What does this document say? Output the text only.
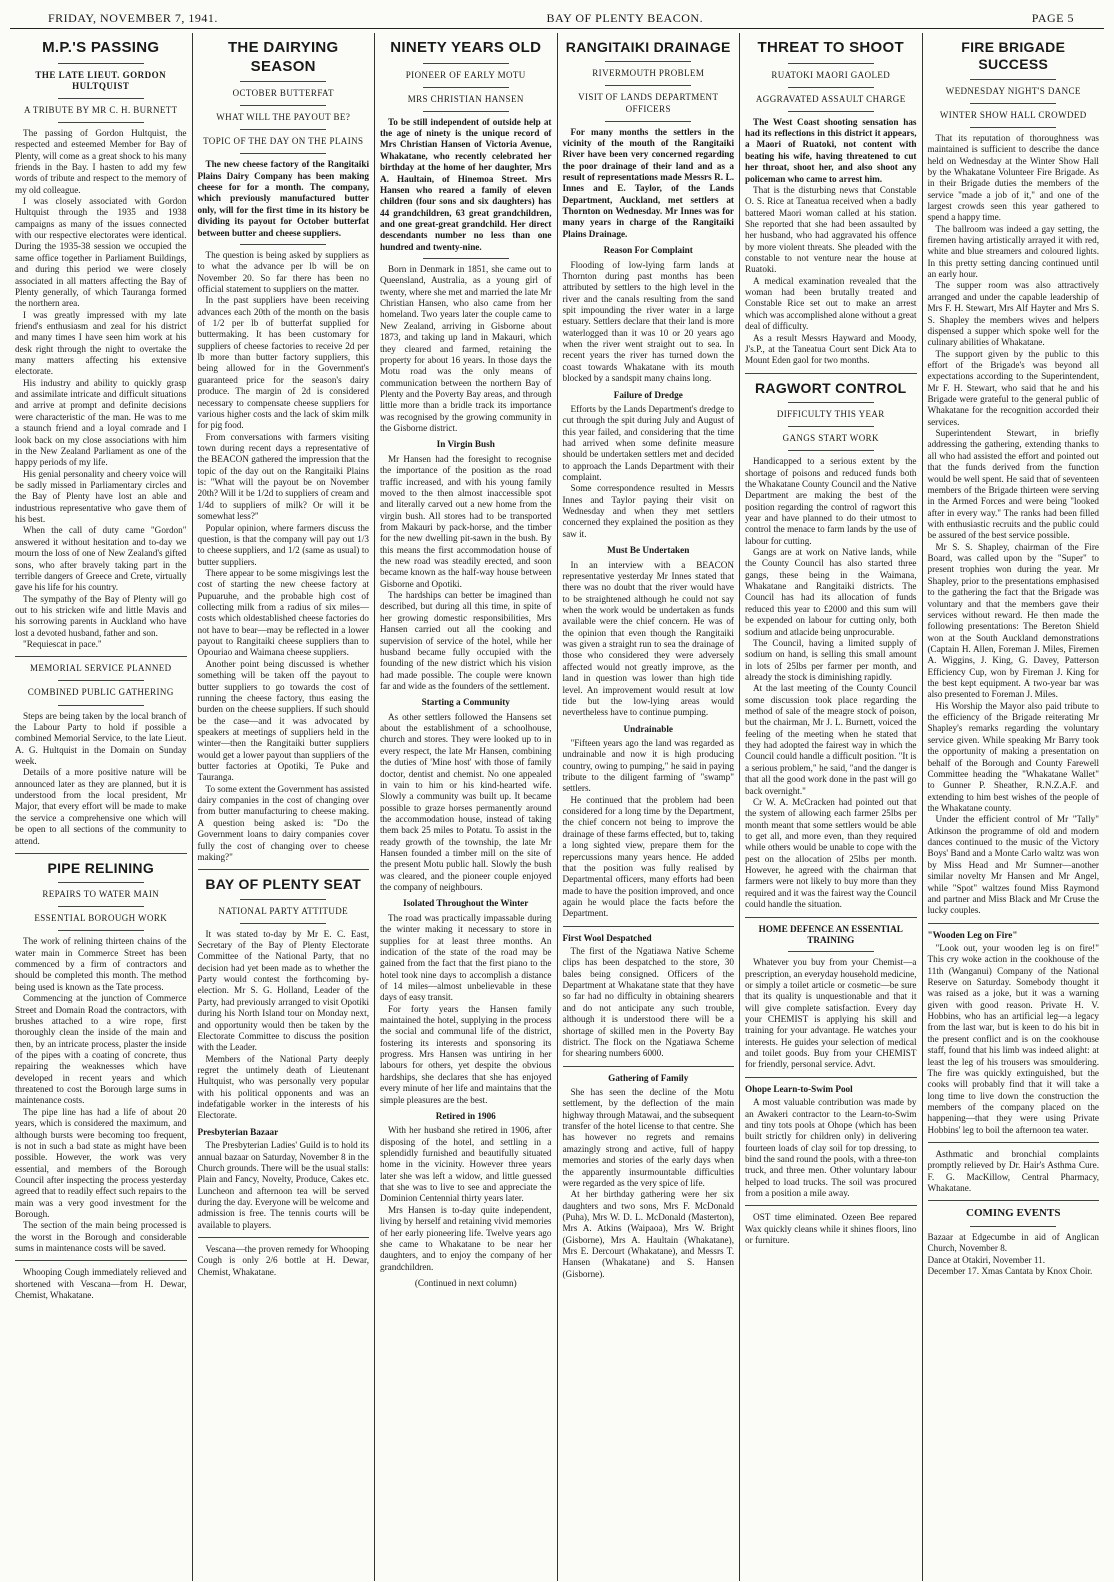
FRIDAY, NOVEMBER 7, 1941.	BAY OF PLENTY BEACON.	PAGE 5
M.P.'S PASSING
THE LATE LIEUT. GORDON HULTQUIST
A TRIBUTE BY MR C. H. BURNETT

The passing of Gordon Hultquist, the respected and esteemed Member for Bay of Plenty, will come as a great shock to his many friends in the Bay. I hasten to add my few words of tribute and respect to the memory of my old colleague.

I was closely associated with Gordon Hultquist through the 1935 and 1938 campaigns as many of the issues connected with our respective electorates were identical. During the 1935-38 session we occupied the same office together in Parliament Buildings, and during this period we were closely associated in all matters affecting the Bay of Plenty generally, of which Tauranga formed the northern area.

I was greatly impressed with my late friend's enthusiasm and zeal for his district and many times I have seen him work at his desk right through the night to overtake the many matters affecting his extensive electorate.

His industry and ability to quickly grasp and assimilate intricate and difficult situations and arrive at prompt and definite decisions were characteristic of the man. He was to me a staunch friend and a loyal comrade and I look back on my close associations with him in the New Zealand Parliament as one of the happy periods of my life.

His genial personality and cheery voice will be sadly missed in Parliamentary circles and the Bay of Plenty have lost an able and industrious representative who gave them of his best.

When the call of duty came "Gordon" answered it without hesitation and to-day we mourn the loss of one of New Zealand's gifted sons, who after bravely taking part in the terrible dangers of Greece and Crete, virtually gave his life for his country.

The sympathy of the Bay of Plenty will go out to his stricken wife and little Mavis and his sorrowing parents in Auckland who have lost a devoted husband, father and son.

"Requiescat in pace."

MEMORIAL SERVICE PLANNED
COMBINED PUBLIC GATHERING

Steps are being taken by the local branch of the Labour Party to hold if possible a combined Memorial Service, to the late Lieut. A. G. Hultquist in the Domain on Sunday week.

Details of a more positive nature will be announced later as they are planned, but it is understood from the local president, Mr Major, that every effort will be made to make the service a comprehensive one which will be open to all sections of the community to attend.

PIPE RELINING
REPAIRS TO WATER MAIN
ESSENTIAL BOROUGH WORK

The work of relining thirteen chains of the water main in Commerce Street has been commenced by a firm of contractors and should be completed this month. The method being used is known as the Tate process.

Commencing at the junction of Commerce Street and Domain Road the contractors, with brushes attached to a wire rope, first thoroughly clean the inside of the main and then, by an intricate process, plaster the inside of the pipes with a coating of concrete, thus repairing the weaknesses which have developed in recent years and which threatened to cost the Borough large sums in maintenance costs.

The pipe line has had a life of about 20 years, which is considered the maximum, and although bursts were becoming too frequent, is not in such a bad state as might have been possible. However, the work was very essential, and members of the Borough Council after inspecting the process yesterday agreed that to readily effect such repairs to the main was a very good investment for the Borough.

The section of the main being processed is the worst in the Borough and considerable sums in maintenance costs will be saved.

Whooping Cough immediately relieved and shortened with Vescana—from H. Dewar, Chemist, Whakatane.

THE DAIRYING SEASON
OCTOBER BUTTERFAT
WHAT WILL THE PAYOUT BE?
TOPIC OF THE DAY ON THE PLAINS

The new cheese factory of the Rangitaiki Plains Dairy Company has been making cheese for for a month. The company, which previously manufactured butter only, will for the first time in its history be dividing its payout for October butterfat between butter and cheese suppliers.

The question is being asked by suppliers as to what the advance per lb will be on November 20. So far there has been no official statement to suppliers on the matter.

In the past suppliers have been receiving advances each 20th of the month on the basis of 1/2 per lb of butterfat supplied for buttermaking. It has been customary for suppliers of cheese factories to receive 2d per lb more than butter factory suppliers, this being allowed for in the Government's guaranteed price for the season's dairy produce. The margin of 2d is considered necessary to compensate cheese suppliers for various higher costs and the lack of skim milk for pig food.

From conversations with farmers visiting town during recent days a representative of the BEACON gathered the impression that the topic of the day out on the Rangitaiki Plains is: "What will the payout be on November 20th? Will it be 1/2d to suppliers of cream and 1/4d to suppliers of milk? Or will it be somewhat less?"

Popular opinion, where farmers discuss the question, is that the company will pay out 1/3 to cheese suppliers, and 1/2 (same as usual) to butter suppliers.

There appear to be some misgivings lest the cost of starting the new cheese factory at Pupuaruhe, and the probable high cost of collecting milk from a radius of six miles—costs which oldestablished cheese factories do not have to bear—may be reflected in a lower payout to Rangitaiki cheese suppliers than to Opouriao and Waimana cheese suppliers.

Another point being discussed is whether something will be taken off the payout to butter suppliers to go towards the cost of running the cheese factory, thus easing the burden on the cheese suppliers. If such should be the case—and it was advocated by speakers at meetings of suppliers held in the winter—then the Rangitaiki butter suppliers would get a lower payout than suppliers of the butter factories at Opotiki, Te Puke and Tauranga.

To some extent the Government has assisted dairy companies in the cost of changing over from butter manufacturing to cheese making. A question being asked is: "Do the Government loans to dairy companies cover fully the cost of changing over to cheese making?"

BAY OF PLENTY SEAT
NATIONAL PARTY ATTITUDE

It was stated to-day by Mr E. C. East, Secretary of the Bay of Plenty Electorate Committee of the National Party, that no decision had yet been made as to whether the Party would contest the forthcoming by-election. Mr S. G. Holland, Leader of the Party, had previously arranged to visit Opotiki during his North Island tour on Monday next, and opportunity would then be taken by the Electorate Committee to discuss the position with the Leader.

Members of the National Party deeply regret the untimely death of Lieutenant Hultquist, who was personally very popular with his political opponents and was an indefatigable worker in the interests of his Electorate.

Presbyterian Bazaar

The Presbyterian Ladies' Guild is to hold its annual bazaar on Saturday, November 8 in the Church grounds. There will be the usual stalls: Plain and Fancy, Novelty, Produce, Cakes etc. Luncheon and afternoon tea will be served during the day. Everyone will be welcome and admission is free. The tennis courts will be available to players.

Vescana—the proven remedy for Whooping Cough is only 2/6 bottle at H. Dewar, Chemist, Whakatane.

NINETY YEARS OLD
PIONEER OF EARLY MOTU
MRS CHRISTIAN HANSEN

To be still independent of outside help at the age of ninety is the unique record of Mrs Christian Hansen of Victoria Avenue, Whakatane, who recently celebrated her birthday at the home of her daughter, Mrs A. Haultain, of Hinemoa Street. Mrs Hansen who reared a family of eleven children (four sons and six daughters) has 44 grandchildren, 63 great grandchildren, and one great-great grandchild. Her direct descendants number no less than one hundred and twenty-nine.

Born in Denmark in 1851, she came out to Queensland, Australia, as a young girl of twenty, where she met and married the late Mr Christian Hansen, who also came from her homeland. Two years later the couple came to New Zealand, arriving in Gisborne about 1873, and taking up land in Makauri, which they cleared and farmed, retaining the property for about 16 years. In those days the Motu road was the only means of communication between the northern Bay of Plenty and the Poverty Bay areas, and through little more than a bridle track its importance was recognised by the growing community in the Gisborne district.

In Virgin Bush

Mr Hansen had the foresight to recognise the importance of the position as the road traffic increased, and with his young family moved to the then almost inaccessible spot and literally carved out a new home from the virgin bush. All stores had to be transported from Makauri by pack-horse, and the timber for the new dwelling pit-sawn in the bush. By this means the first accommodation house of the new road was steadily erected, and soon became known as the half-way house between Gisborne and Opotiki.

The hardships can better be imagined than described, but during all this time, in spite of her growing domestic responsibilities, Mrs Hansen carried out all the cooking and supervision of service of the hotel, while her husband became fully occupied with the founding of the new district which his vision had made possible. The couple were known far and wide as the founders of the settlement.

Starting a Community

As other settlers followed the Hansens set about the establishment of a schoolhouse, church and stores. They were looked up to in every respect, the late Mr Hansen, combining the duties of 'Mine host' with those of family doctor, dentist and chemist. No one appealed in vain to him or his kind-hearted wife. Slowly a community was built up. It became possible to graze horses permanently around the accommodation house, instead of taking them back 25 miles to Potatu. To assist in the ready growth of the township, the late Mr Hansen founded a timber mill on the site of the present Motu public hall. Slowly the bush was cleared, and the pioneer couple enjoyed the company of neighbours.

Isolated Throughout the Winter

The road was practically impassable during the winter making it necessary to store in supplies for at least three months. An indication of the state of the road may be gained from the fact that the first piano to the hotel took nine days to accomplish a distance of 14 miles—almost unbelievable in these days of easy transit.

For forty years the Hansen family maintained the hotel, supplying in the process the social and communal life of the district, fostering its interests and sponsoring its progress. Mrs Hansen was untiring in her labours for others, yet despite the obvious hardships, she declares that she has enjoyed every minute of her life and maintains that the simple pleasures are the best.

Retired in 1906

With her husband she retired in 1906, after disposing of the hotel, and settling in a splendidly furnished and beautifully situated home in the vicinity. However three years later she was left a widow, and little guessed that she was to live to see and appreciate the Dominion Centennial thirty years later.

Mrs Hansen is to-day quite independent, living by herself and retaining vivid memories of her early pioneering life. Twelve years ago she came to Whakatane to be near her daughters, and to enjoy the company of her grandchildren.

(Continued in next column)
RANGITAIKI DRAINAGE
RIVERMOUTH PROBLEM
VISIT OF LANDS DEPARTMENT OFFICERS

For many months the settlers in the vicinity of the mouth of the Rangitaiki River have been very concerned regarding the poor drainage of their land and as a result of representations made Messrs R. L. Innes and E. Taylor, of the Lands Department, Auckland, met settlers at Thornton on Wednesday. Mr Innes was for many years in charge of the Rangitaiki Plains Drainage.

Reason For Complaint

Flooding of low-lying farm lands at Thornton during past months has been attributed by settlers to the high level in the river and the canals resulting from the sand spit impounding the river water in a large estuary. Settlers declare that their land is more waterlogged than it was 10 or 20 years ago when the river went straight out to sea. In recent years the river has turned down the coast towards Whakatane with its mouth blocked by a sandspit many chains long.

Failure of Dredge

Efforts by the Lands Department's dredge to cut through the spit during July and August of this year failed, and considering that the time had arrived when some definite measure should be undertaken settlers met and decided to approach the Lands Department with their complaint.

Some correspondence resulted in Messrs Innes and Taylor paying their visit on Wednesday and when they met settlers concerned they explained the position as they saw it.

Must Be Undertaken

In an interview with a BEACON representative yesterday Mr Innes stated that there was no doubt that the river would have to be straightened although he could not say when the work would be undertaken as funds available were the chief concern. He was of the opinion that even though the Rangitaiki was given a straight run to sea the drainage of those who considered they were adversely affected would not greatly improve, as the land in question was lower than high tide level. An improvement would result at low tide but the low-lying areas would nevertheless have to continue pumping.

Undrainable

"Fifteen years ago the land was regarded as undrainable and now it is high producing country, owing to pumping," he said in paying tribute to the diligent farming of "swamp" settlers.

He continued that the problem had been considered for a long time by the Department, the chief concern not being to improve the drainage of these farms effected, but to, taking a long sighted view, prepare them for the repercussions many years hence. He added that the position was fully realised by Departmental officers, many efforts had been made to have the position improved, and once again he would place the facts before the Department.

First Wool Despatched

The first of the Ngatiawa Native Scheme clips has been despatched to the store, 30 bales being consigned. Officers of the Department at Whakatane state that they have so far had no difficulty in obtaining shearers and do not anticipate any such trouble, although it is understood there will be a shortage of skilled men in the Poverty Bay district. The flock on the Ngatiawa Scheme for shearing numbers 6000.

Gathering of Family

She has seen the decline of the Motu settlement, by the deflection of the main highway through Matawai, and the subsequent transfer of the hotel license to that centre. She has however no regrets and remains amazingly strong and active, full of happy memories and stories of the early days when the apparently insurmountable difficulties were regarded as the very spice of life.

At her birthday gathering were her six daughters and two sons, Mrs F. McDonald (Puha), Mrs W. D. L. McDonald (Masterton), Mrs A. Atkins (Waipaoa), Mrs W. Bright (Gisborne), Mrs A. Haultain (Whakatane), Mrs E. Dercourt (Whakatane), and Messrs T. Hansen (Whakatane) and S. Hansen (Gisborne).

THREAT TO SHOOT
RUATOKI MAORI GAOLED
AGGRAVATED ASSAULT CHARGE

The West Coast shooting sensation has had its reflections in this district it appears, a Maori of Ruatoki, not content with beating his wife, having threatened to cut her throat, shoot her, and also shoot any policeman who came to arrest him.

That is the disturbing news that Constable O. S. Rice at Taneatua received when a badly battered Maori woman called at his station. She reported that she had been assaulted by her husband, who had aggravated his offence by more violent threats. She pleaded with the constable to not venture near the house at Ruatoki.

A medical examination revealed that the woman had been brutally treated and Constable Rice set out to make an arrest which was accomplished alone without a great deal of difficulty.

As a result Messrs Hayward and Moody, J's.P., at the Taneatua Court sent Dick Ata to Mount Eden gaol for two months.

RAGWORT CONTROL
DIFFICULTY THIS YEAR
GANGS START WORK

Handicapped to a serious extent by the shortage of poisons and reduced funds both the Whakatane County Council and the Native Department are making the best of the position regarding the control of ragwort this year and have planned to do their utmost to control the menace to farm lands by the use of labour for cutting.

Gangs are at work on Native lands, while the County Council has also started three gangs, these being in the Waimana, Whakatane and Rangitaiki districts. The Council has had its allocation of funds reduced this year to £2000 and this sum will be expended on labour for cutting only, both sodium and atlacide being unprocurable.

The Council, having a limited supply of sodium on hand, is selling this small amount in lots of 25lbs per farmer per month, and already the stock is diminishing rapidly.

At the last meeting of the County Council some discussion took place regarding the method of sale of the meagre stock of poison, but the chairman, Mr J. L. Burnett, voiced the feeling of the meeting when he stated that they had adopted the fairest way in which the Council could handle a difficult position. "It is a serious problem," he said, "and the danger is that all the good work done in the past will go back overnight."

Cr W. A. McCracken had pointed out that the system of allowing each farmer 25lbs per month meant that some settlers would be able to get all, and more even, than they required while others would be unable to cope with the pest on the allocation of 25lbs per month. However, he agreed with the chairman that farmers were not likely to buy more than they required and it was the fairest way the Council could handle the situation.

HOME DEFENCE AN ESSENTIAL TRAINING

Whatever you buy from your Chemist—a prescription, an everyday household medicine, or simply a toilet article or cosmetic—be sure that its quality is unquestionable and that it will give complete satisfaction. Every day your CHEMIST is applying his skill and training for your advantage. He watches your interests. He guides your selection of medical and toilet goods. Buy from your CHEMIST for friendly, personal service. Advt.

Ohope Learn-to-Swim Pool

A most valuable contribution was made by an Awakeri contractor to the Learn-to-Swim and tiny tots pools at Ohope (which has been built strictly for children only) in delivering fourteen loads of clay soil for top dressing, to bind the sand round the pools, with a three-ton truck, and three men. Other voluntary labour helped to load trucks. The soil was procured from a position a mile away.

OST time eliminated. Ozeen Bee repared Wax quickly cleans while it shines floors, lino or furniture.

FIRE BRIGADE SUCCESS
WEDNESDAY NIGHT'S DANCE
WINTER SHOW HALL CROWDED

That its reputation of thoroughness was maintained is sufficient to describe the dance held on Wednesday at the Winter Show Hall by the Whakatane Volunteer Fire Brigade. As in their Brigade duties the members of the service "made a job of it," and one of the largest crowds seen this year gathered to spend a happy time.

The ballroom was indeed a gay setting, the firemen having artistically arrayed it with red, white and blue streamers and coloured lights. In this pretty setting dancing continued until an early hour.

The supper room was also attractively arranged and under the capable leadership of Mrs F. H. Stewart, Mrs Alf Hayter and Mrs S. S. Shapley the members wives and helpers dispensed a supper which spoke well for the culinary abilities of Whakatane.

The support given by the public to this effort of the Brigade's was beyond all expectations according to the Superintendent, Mr F. H. Stewart, who said that he and his Brigade were grateful to the general public of Whakatane for the recognition accorded their services.

Superintendent Stewart, in briefly addressing the gathering, extending thanks to all who had assisted the effort and pointed out that the funds derived from the function would be well spent. He said that of seventeen members of the Brigade thirteen were serving in the Armed Forces and were being "looked after in every way." The ranks had been filled with enthusiastic recruits and the public could be assured of the best service possible.

Mr S. S. Shapley, chairman of the Fire Board, was called upon by the "Super" to present trophies won during the year. Mr Shapley, prior to the presentations emphasised to the gathering the fact that the Brigade was voluntary and that the members gave their services without reward. He then made the following presentations: The Bereton Shield won at the South Auckland demonstrations (Captain H. Allen, Foreman J. Miles, Firemen A. Wiggins, J. King, G. Davey, Patterson Efficiency Cup, won by Fireman J. King for the best kept equipment. A two-year bar was also presented to Foreman J. Miles.

His Worship the Mayor also paid tribute to the efficiency of the Brigade reiterating Mr Shapley's remarks regarding the voluntary service given. While speaking Mr Barry took the opportunity of making a presentation on behalf of the Borough and County Farewell Committee heading the "Whakatane Wallet" to Gunner P. Sheather, R.N.Z.A.F. and extending to him best wishes of the people of the Whakatane county.

Under the efficient control of Mr "Tally" Atkinson the programme of old and modern dances continued to the music of the Victory Boys' Band and a Monte Carlo waltz was won by Miss Head and Mr Sumner—another similar novelty Mr Hansen and Mr Angel, while "Spot" waltzes found Miss Raymond and partner and Miss Black and Mr Cruse the lucky couples.

"Wooden Leg on Fire"

"Look out, your wooden leg is on fire!" This cry woke action in the cookhouse of the 11th (Wanganui) Company of the National Reserve on Saturday. Somebody thought it was raised as a joke, but it was a warning given with good reason. Private H. V. Hobbins, who has an artificial leg—a legacy from the last war, but is keen to do his bit in the present conflict and is on the cookhouse staff, found that his limb was indeed alight: at least the leg of his trousers was smouldering. The fire was quickly extinguished, but the cooks will probably find that it will take a long time to live down the construction the members of the company placed on the happening—that they were using Private Hobbins' leg to boil the afternoon tea water.

Asthmatic and bronchial complaints promptly relieved by Dr. Hair's Asthma Cure. F. G. MacKillow, Central Pharmacy, Whakatane.

COMING EVENTS

Bazaar at Edgecumbe in aid of Anglican Church, November 8.

Dance at Otakiri, November 11.

December 17. Xmas Cantata by Knox Choir.
